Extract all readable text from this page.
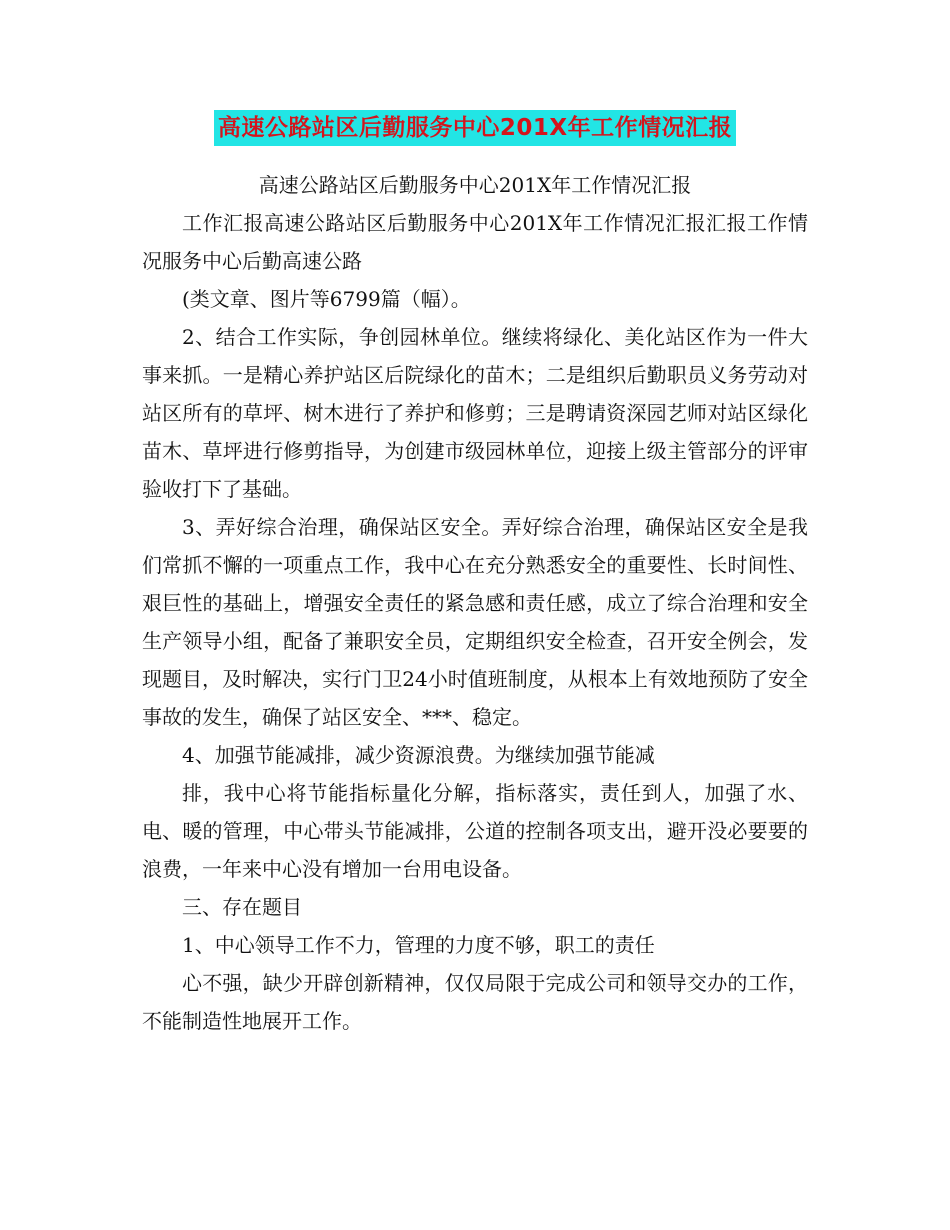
高速公路站区后勤服务中心201X年工作情况汇报

高速公路站区后勤服务中心201X年工作情况汇报

工作汇报高速公路站区后勤服务中心201X年工作情况汇报汇报工作情况服务中心后勤高速公路

(类文章、图片等6799篇（幅）。

2、结合工作实际，争创园林单位。继续将绿化、美化站区作为一件大事来抓。一是精心养护站区后院绿化的苗木；二是组织后勤职员义务劳动对站区所有的草坪、树木进行了养护和修剪；三是聘请资深园艺师对站区绿化苗木、草坪进行修剪指导，为创建市级园林单位，迎接上级主管部分的评审验收打下了基础。

3、弄好综合治理，确保站区安全。弄好综合治理，确保站区安全是我们常抓不懈的一项重点工作，我中心在充分熟悉安全的重要性、长时间性、艰巨性的基础上，增强安全责任的紧急感和责任感，成立了综合治理和安全生产领导小组，配备了兼职安全员，定期组织安全检查，召开安全例会，发现题目，及时解决，实行门卫24小时值班制度，从根本上有效地预防了安全事故的发生，确保了站区安全、***、稳定。

4、加强节能减排，减少资源浪费。为继续加强节能减

排，我中心将节能指标量化分解，指标落实，责任到人，加强了水、电、暖的管理，中心带头节能减排，公道的控制各项支出，避开没必要要的浪费，一年来中心没有增加一台用电设备。

三、存在题目

1、中心领导工作不力，管理的力度不够，职工的责任

心不强，缺少开辟创新精神，仅仅局限于完成公司和领导交办的工作，不能制造性地展开工作。
